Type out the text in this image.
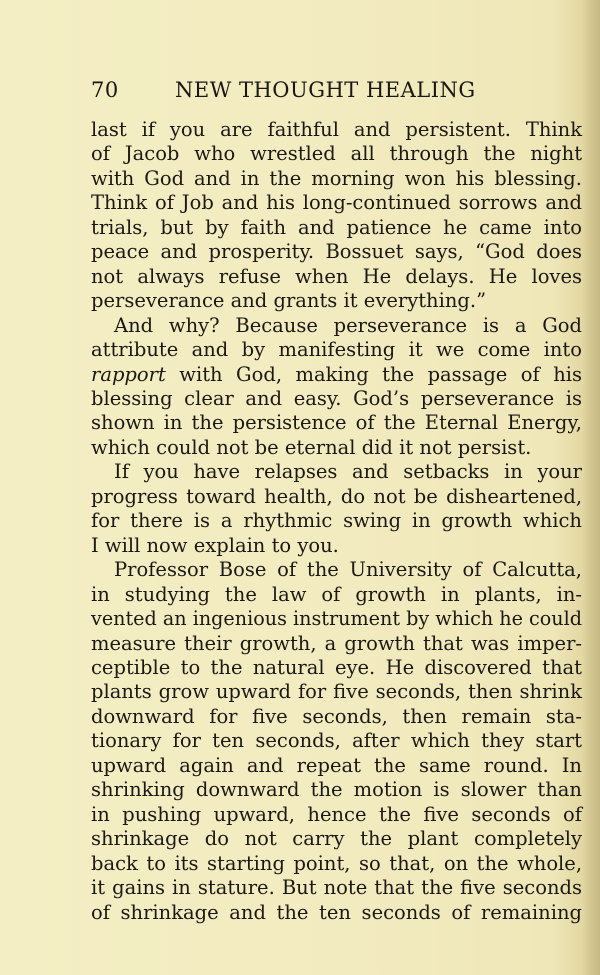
70	NEW THOUGHT HEALING

last if you are faithful and persistent. Think
of Jacob who wrestled all through the night
with God and in the morning won his blessing.
Think of Job and his long-continued sorrows and
trials, but by faith and patience he came into
peace and prosperity. Bossuet says, “God does
not always refuse when He delays. He loves
perseverance and grants it everything.”

And why? Because perseverance is a God
attribute and by manifesting it we come into
rapport with God, making the passage of his
blessing clear and easy. God’s perseverance is
shown in the persistence of the Eternal Energy,
which could not be eternal did it not persist.

If you have relapses and setbacks in your
progress toward health, do not be disheartened,
for there is a rhythmic swing in growth which
I will now explain to you.

Professor Bose of the University of Calcutta,
in studying the law of growth in plants, in-
vented an ingenious instrument by which he could
measure their growth, a growth that was imper-
ceptible to the natural eye. He discovered that
plants grow upward for five seconds, then shrink
downward for five seconds, then remain sta-
tionary for ten seconds, after which they start
upward again and repeat the same round. In
shrinking downward the motion is slower than
in pushing upward, hence the five seconds of
shrinkage do not carry the plant completely
back to its starting point, so that, on the whole,
it gains in stature. But note that the five seconds
of shrinkage and the ten seconds of remaining
